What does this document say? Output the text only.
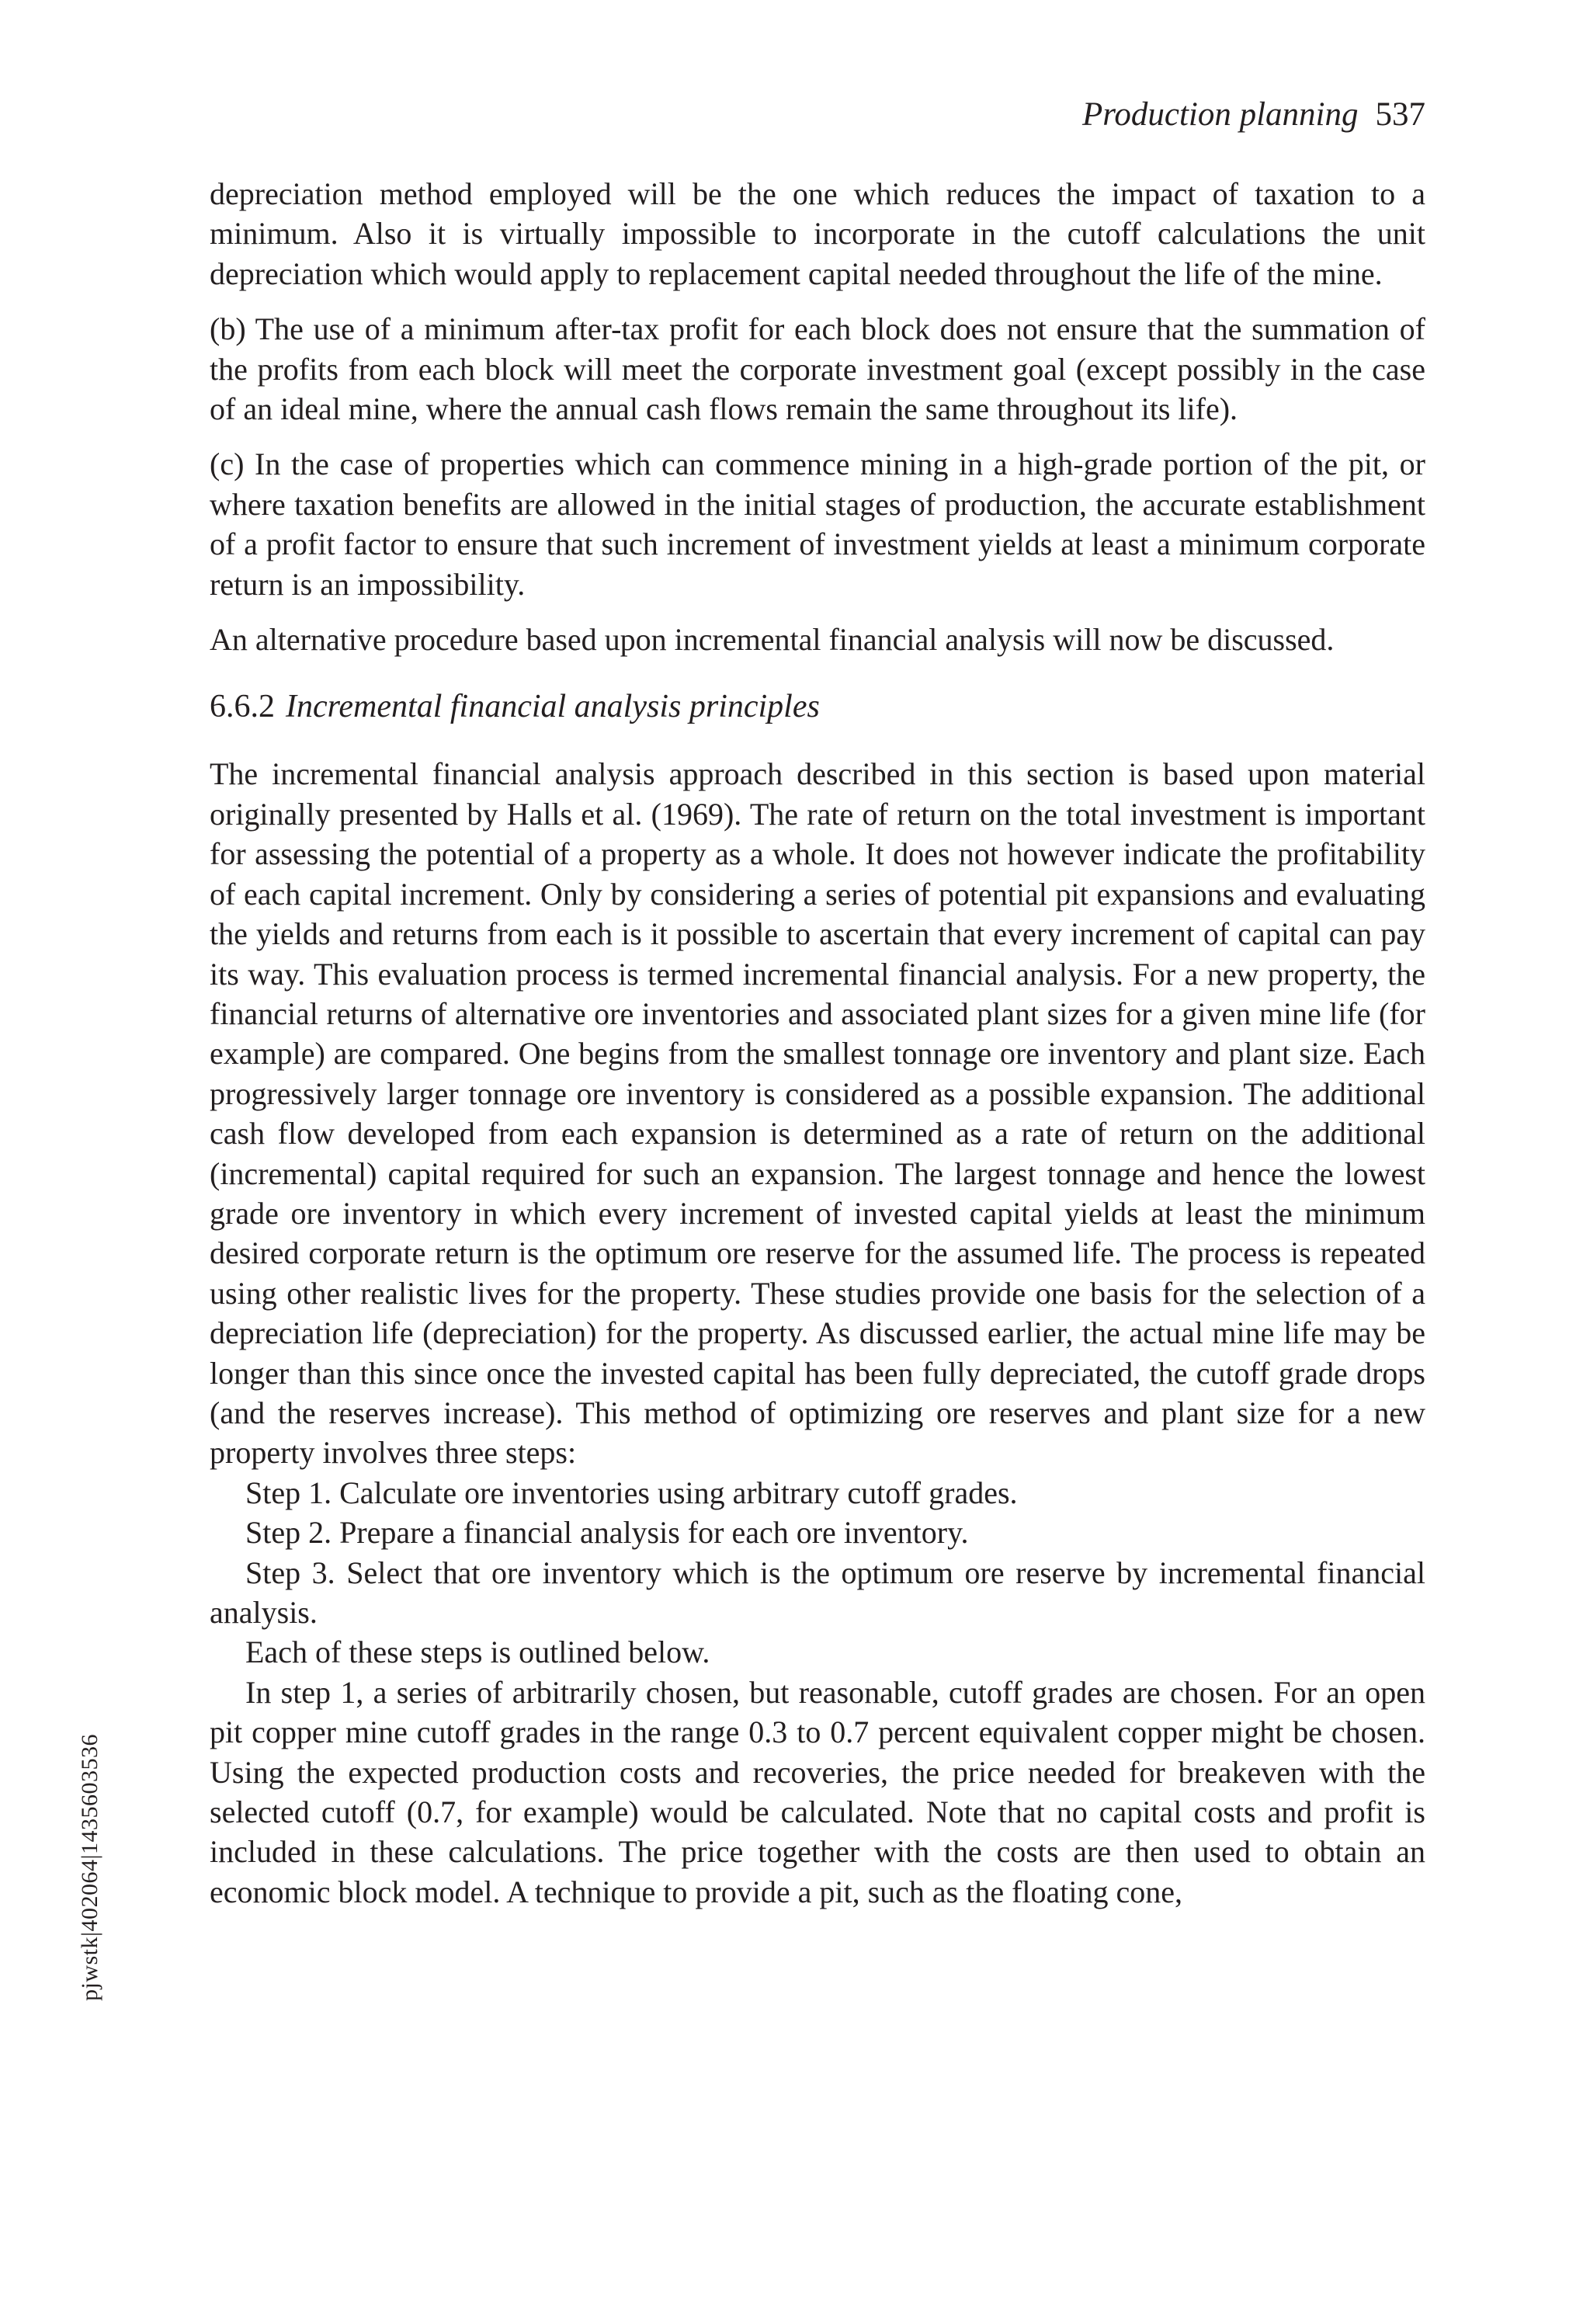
Production planning 537

depreciation method employed will be the one which reduces the impact of taxation to a minimum. Also it is virtually impossible to incorporate in the cutoff calculations the unit depreciation which would apply to replacement capital needed throughout the life of the mine.

(b) The use of a minimum after-tax profit for each block does not ensure that the summation of the profits from each block will meet the corporate investment goal (except possibly in the case of an ideal mine, where the annual cash flows remain the same throughout its life).

(c) In the case of properties which can commence mining in a high-grade portion of the pit, or where taxation benefits are allowed in the initial stages of production, the accurate establishment of a profit factor to ensure that such increment of investment yields at least a minimum corporate return is an impossibility.

An alternative procedure based upon incremental financial analysis will now be discussed.

6.6.2 Incremental financial analysis principles

The incremental financial analysis approach described in this section is based upon material originally presented by Halls et al. (1969). The rate of return on the total investment is important for assessing the potential of a property as a whole. It does not however indicate the profitability of each capital increment. Only by considering a series of potential pit expansions and evaluating the yields and returns from each is it possible to ascertain that every increment of capital can pay its way. This evaluation process is termed incremental financial analysis. For a new property, the financial returns of alternative ore inventories and associated plant sizes for a given mine life (for example) are compared. One begins from the smallest tonnage ore inventory and plant size. Each progressively larger tonnage ore inventory is considered as a possible expansion. The additional cash flow developed from each expansion is determined as a rate of return on the additional (incremental) capital required for such an expansion. The largest tonnage and hence the lowest grade ore inventory in which every increment of invested capital yields at least the minimum desired corporate return is the optimum ore reserve for the assumed life. The process is repeated using other realistic lives for the property. These studies provide one basis for the selection of a depreciation life (depreciation) for the property. As discussed earlier, the actual mine life may be longer than this since once the invested capital has been fully depreciated, the cutoff grade drops (and the reserves increase). This method of optimizing ore reserves and plant size for a new property involves three steps:

Step 1. Calculate ore inventories using arbitrary cutoff grades.

Step 2. Prepare a financial analysis for each ore inventory.

Step 3. Select that ore inventory which is the optimum ore reserve by incremental financial analysis.

Each of these steps is outlined below.

In step 1, a series of arbitrarily chosen, but reasonable, cutoff grades are chosen. For an open pit copper mine cutoff grades in the range 0.3 to 0.7 percent equivalent copper might be chosen. Using the expected production costs and recoveries, the price needed for breakeven with the selected cutoff (0.7, for example) would be calculated. Note that no capital costs and profit is included in these calculations. The price together with the costs are then used to obtain an economic block model. A technique to provide a pit, such as the floating cone,

pjwstk|402064|1435603536
